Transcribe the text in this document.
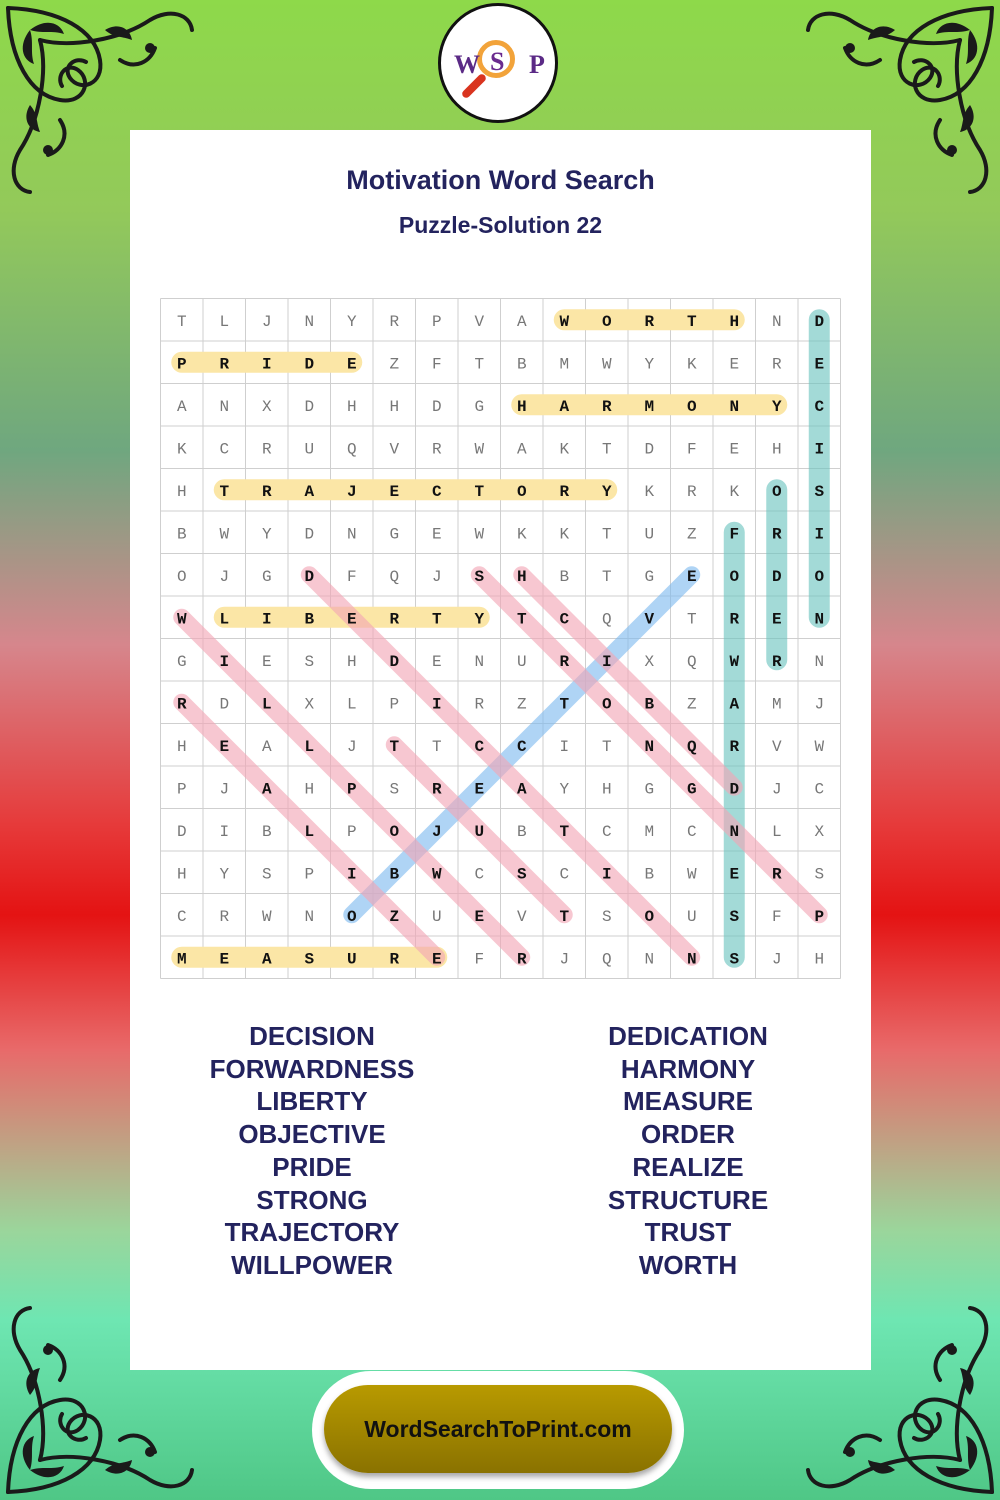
W S P
Motivation Word Search
Puzzle-Solution 22
T L J N Y R P V A W O R T H N D
P R I D E Z F T B M W Y K E R E
A N X D H H D G H A R M O N Y C
K C R U Q V R W A K T D F E H I
H T R A J E C T O R Y K R K O S
B W Y D N G E W K K T U Z F R I
O J G D F Q J S H B T G E O D O
W L I B E R T Y T C Q V T R E N
G I E S H D E N U R I X Q W R N
R D L X L P I R Z T O B Z A M J
H E A L J T T C C I T N Q R V W
P J A H P S R E A Y H G G D J C
D I B L P O J U B T C M C N L X
H Y S P I B W C S C I B W E R S
C R W N O Z U E V T S O U S F P
M E A S U R E F R J Q N N S J H
DECISION
FORWARDNESS
LIBERTY
OBJECTIVE
PRIDE
STRONG
TRAJECTORY
WILLPOWER
DEDICATION
HARMONY
MEASURE
ORDER
REALIZE
STRUCTURE
TRUST
WORTH
WordSearchToPrint.com
